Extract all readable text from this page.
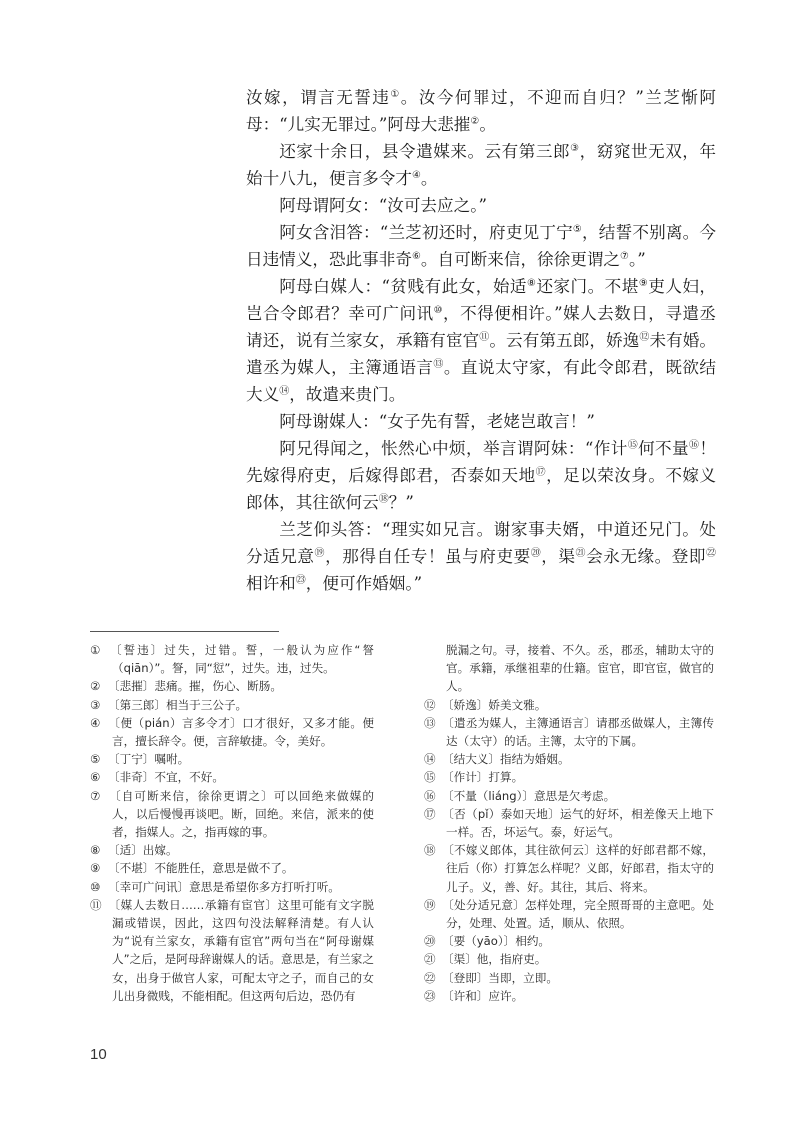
汝嫁，谓言无誓违①。汝今何罪过，不迎而自归？”兰芝惭阿母：“儿实无罪过。”阿母大悲摧②。

还家十余日，县令遣媒来。云有第三郎③，窈窕世无双，年始十八九，便言多令才④。

阿母谓阿女：“汝可去应之。”

阿女含泪答：“兰芝初还时，府吏见丁宁⑤，结誓不别离。今日违情义，恐此事非奇⑥。自可断来信，徐徐更谓之⑦。”

阿母白媒人：“贫贱有此女，始适⑧还家门。不堪⑨吏人妇，岂合令郎君？幸可广问讯⑩，不得便相许。”媒人去数日，寻遣丞请还，说有兰家女，承籍有宦官⑪。云有第五郎，娇逸⑫未有婚。遣丞为媒人，主簿通语言⑬。直说太守家，有此令郎君，既欲结大义⑭，故遣来贵门。

阿母谢媒人：“女子先有誓，老姥岂敢言！”

阿兄得闻之，怅然心中烦，举言谓阿妹：“作计⑮何不量⑯！先嫁得府吏，后嫁得郎君，否泰如天地⑰，足以荣汝身。不嫁义郎体，其往欲何云⑱？”

兰芝仰头答：“理实如兄言。谢家事夫婿，中道还兄门。处分适兄意⑲，那得自任专！虽与府吏要⑳，渠$^㉑$会永无缘。登即$^㉒$相许和$^㉓$，便可作婚姻。”

① 〔誓违〕过失，过错。誓，一般认为应作“詧（qiān）”。詧，同“愆”，过失。违，过失。

② 〔悲摧〕悲痛。摧，伤心、断肠。

③ 〔第三郎〕相当于三公子。

④ 〔便（pián）言多令才〕口才很好，又多才能。便言，擅长辞令。便，言辞敏捷。令，美好。

⑤ 〔丁宁〕嘱咐。

⑥ 〔非奇〕不宜，不好。

⑦ 〔自可断来信，徐徐更谓之〕可以回绝来做媒的人，以后慢慢再谈吧。断，回绝。来信，派来的使者，指媒人。之，指再嫁的事。

⑧ 〔适〕出嫁。

⑨ 〔不堪〕不能胜任，意思是做不了。

⑩ 〔幸可广问讯〕意思是希望你多方打听打听。

⑪ 〔媒人去数日……承籍有宦官〕这里可能有文字脱漏或错误，因此，这四句没法解释清楚。有人认为“说有兰家女，承籍有宦官”两句当在“阿母谢媒人”之后，是阿母辞谢媒人的话。意思是，有兰家之女，出身于做官人家，可配太守之子，而自己的女儿出身微贱，不能相配。但这两句后边，恐仍有

脱漏之句。寻，接着、不久。丞，郡丞，辅助太守的官。承籍，承继祖辈的仕籍。宦官，即官宦，做官的人。

⑫ 〔娇逸〕娇美文雅。

⑬ 〔遣丞为媒人，主簿通语言〕请郡丞做媒人，主簿传达（太守）的话。主簿，太守的下属。

⑭ 〔结大义〕指结为婚姻。

⑮ 〔作计〕打算。

⑯ 〔不量（liáng）〕意思是欠考虑。

⑰ 〔否（pǐ）泰如天地〕运气的好坏，相差像天上地下一样。否，坏运气。泰，好运气。

⑱ 〔不嫁义郎体，其往欲何云〕这样的好郎君都不嫁，往后（你）打算怎么样呢？义郎，好郎君，指太守的儿子。义，善、好。其往，其后、将来。

⑲ 〔处分适兄意〕怎样处理，完全照哥哥的主意吧。处分，处理、处置。适，顺从、依照。

⑳ 〔要（yāo）〕相约。

㉑ 〔渠〕他，指府吏。

㉒ 〔登即〕当即，立即。

㉓ 〔许和〕应许。

10
